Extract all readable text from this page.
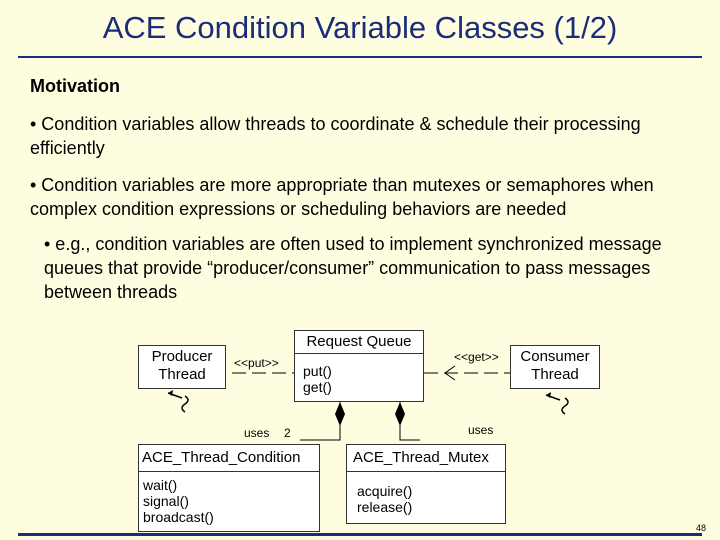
ACE Condition Variable Classes (1/2)
Motivation
• Condition variables allow threads to coordinate & schedule their processing efficiently
• Condition variables are more appropriate than mutexes or semaphores when complex condition expressions or scheduling behaviors are needed
• e.g., condition variables are often used to implement synchronized message queues that provide “producer/consumer” communication to pass messages between threads
Producer Thread
Request Queue
put()
get()
Consumer Thread
<<put>>	<<get>>
uses 2	uses
ACE_Thread_Condition
wait()
signal()
broadcast()
ACE_Thread_Mutex
acquire()
release()
48
